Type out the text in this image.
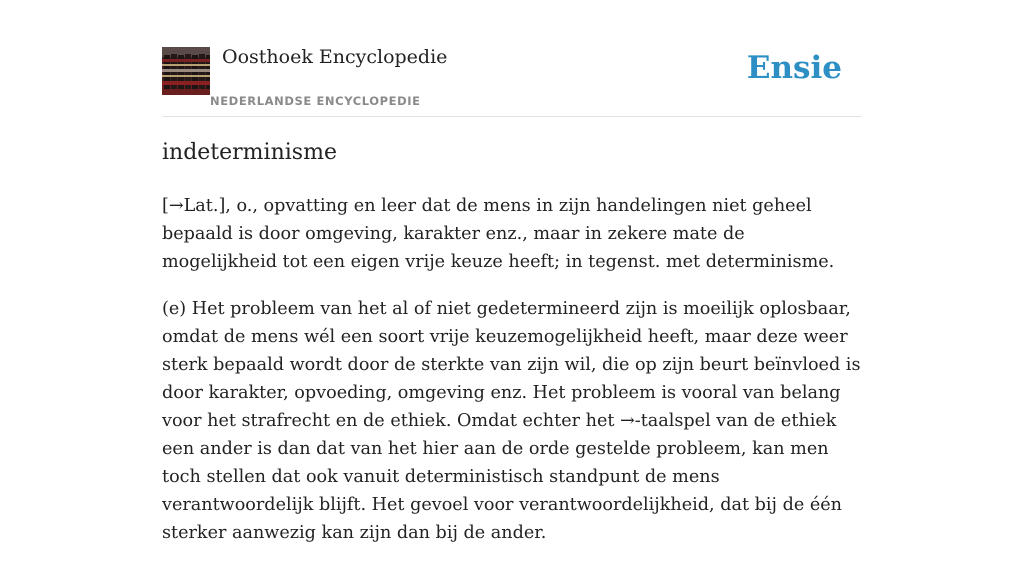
Oosthoek Encyclopedie
NEDERLANDSE ENCYCLOPEDIE
Ensie
indeterminisme

[→Lat.], o., opvatting en leer dat de mens in zijn handelingen niet geheel bepaald is door omgeving, karakter enz., maar in zekere mate de mogelijkheid tot een eigen vrije keuze heeft; in tegenst. met determinisme.

(e) Het probleem van het al of niet gedetermineerd zijn is moeilijk oplosbaar, omdat de mens wél een soort vrije keuzemogelijkheid heeft, maar deze weer sterk bepaald wordt door de sterkte van zijn wil, die op zijn beurt beïnvloed is door karakter, opvoeding, omgeving enz. Het probleem is vooral van belang voor het strafrecht en de ethiek. Omdat echter het →-taalspel van de ethiek een ander is dan dat van het hier aan de orde gestelde probleem, kan men toch stellen dat ook vanuit deterministisch standpunt de mens verantwoordelijk blijft. Het gevoel voor verantwoordelijkheid, dat bij de één sterker aanwezig kan zijn dan bij de ander.
